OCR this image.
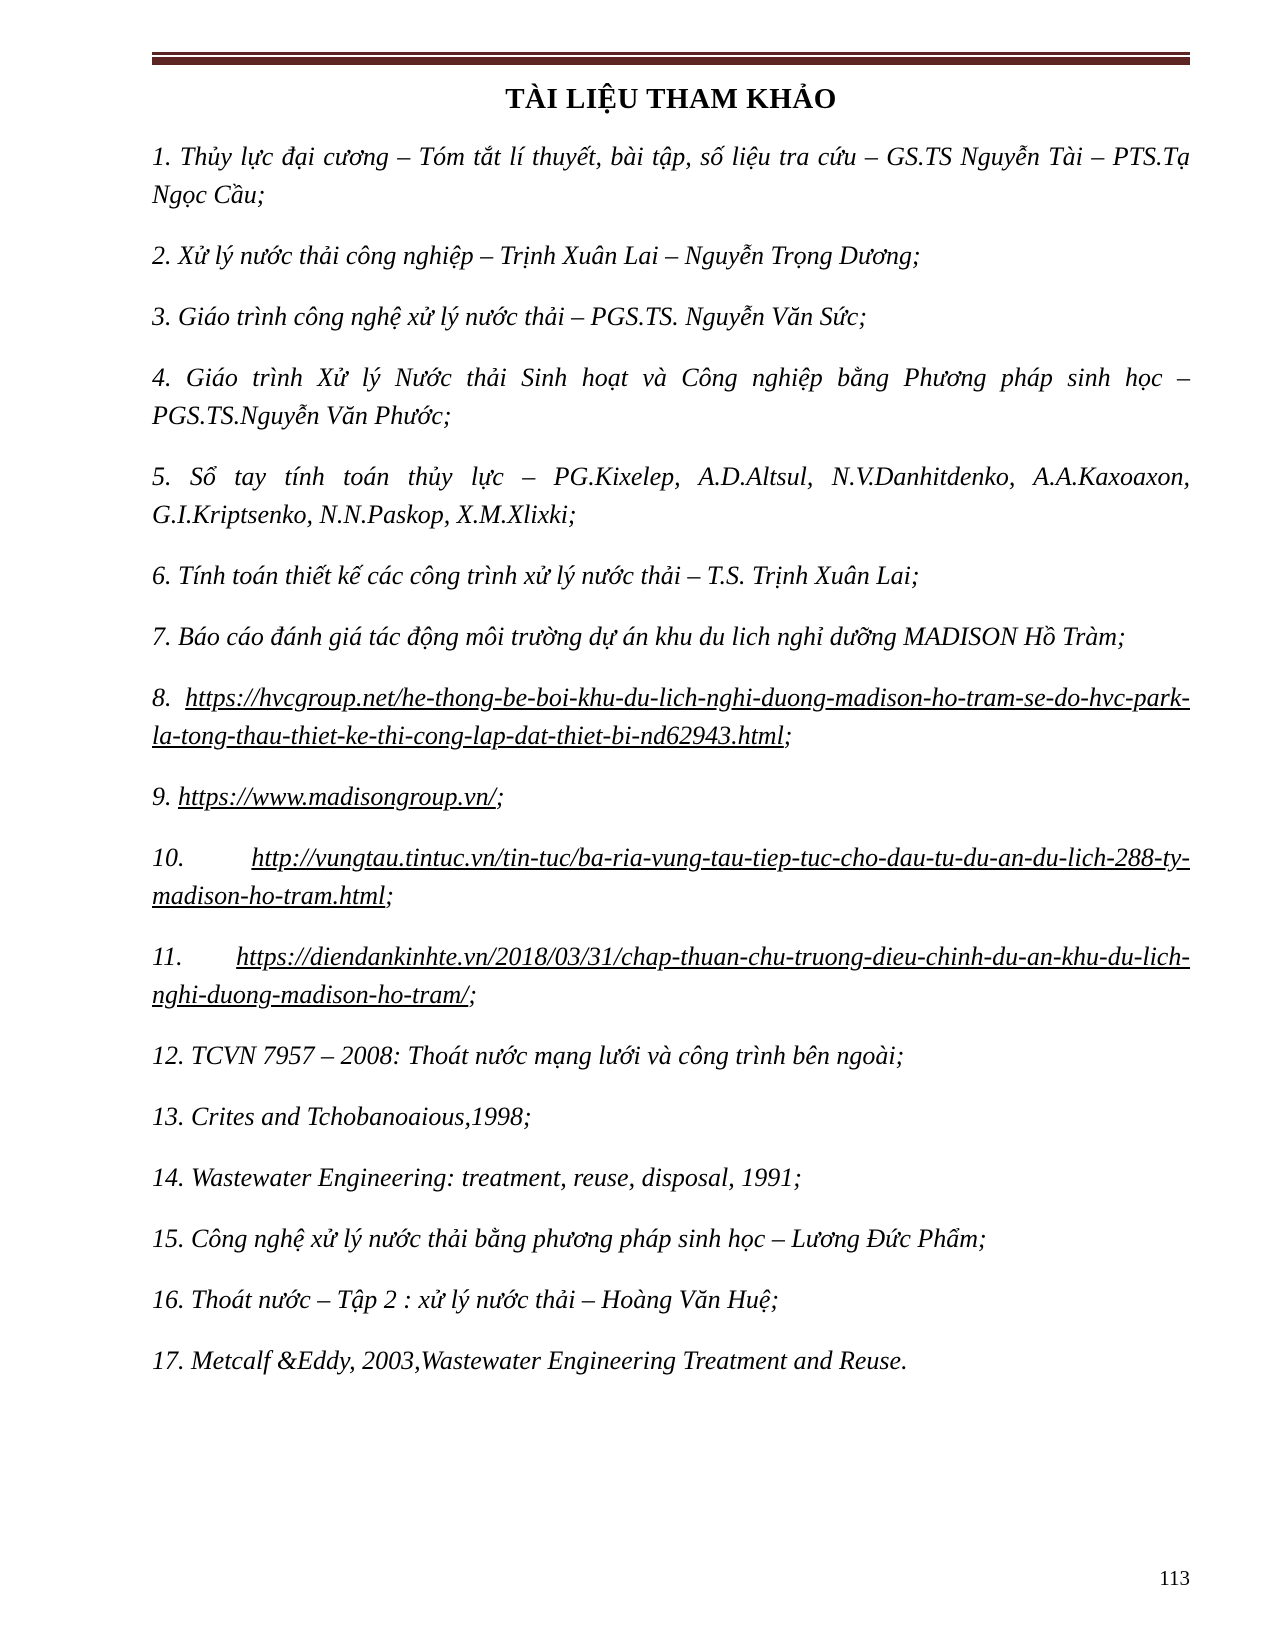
TÀI LIỆU THAM KHẢO

1. Thủy lực đại cương – Tóm tắt lí thuyết, bài tập, số liệu tra cứu – GS.TS Nguyễn Tài – PTS.Tạ Ngọc Cầu;

2. Xử lý nước thải công nghiệp – Trịnh Xuân Lai – Nguyễn Trọng Dương;

3. Giáo trình công nghệ xử lý nước thải – PGS.TS. Nguyễn Văn Sức;

4. Giáo trình Xử lý Nước thải Sinh hoạt và Công nghiệp bằng Phương pháp sinh học – PGS.TS.Nguyễn Văn Phước;

5. Sổ tay tính toán thủy lực – PG.Kixelep, A.D.Altsul, N.V.Danhitdenko, A.A.Kaxoaxon, G.I.Kriptsenko, N.N.Paskop, X.M.Xlixki;

6. Tính toán thiết kế các công trình xử lý nước thải – T.S. Trịnh Xuân Lai;

7. Báo cáo đánh giá tác động môi trường dự án khu du lich nghỉ dưỡng MADISON Hồ Tràm;

8. https://hvcgroup.net/he-thong-be-boi-khu-du-lich-nghi-duong-madison-ho-tram-se-do-hvc-park-la-tong-thau-thiet-ke-thi-cong-lap-dat-thiet-bi-nd62943.html;

9. https://www.madisongroup.vn/;

10.	http://vungtau.tintuc.vn/tin-tuc/ba-ria-vung-tau-tiep-tuc-cho-dau-tu-du-an-du-lich-288-ty-madison-ho-tram.html;

11. https://diendankinhte.vn/2018/03/31/chap-thuan-chu-truong-dieu-chinh-du-an-khu-du-lich-nghi-duong-madison-ho-tram/;

12. TCVN 7957 – 2008: Thoát nước mạng lưới và công trình bên ngoài;

13. Crites and Tchobanoaious,1998;

14. Wastewater Engineering: treatment, reuse, disposal, 1991;

15. Công nghệ xử lý nước thải bằng phương pháp sinh học – Lương Đức Phẩm;

16. Thoát nước – Tập 2 : xử lý nước thải – Hoàng Văn Huệ;

17. Metcalf &Eddy, 2003,Wastewater Engineering Treatment and Reuse.

113
